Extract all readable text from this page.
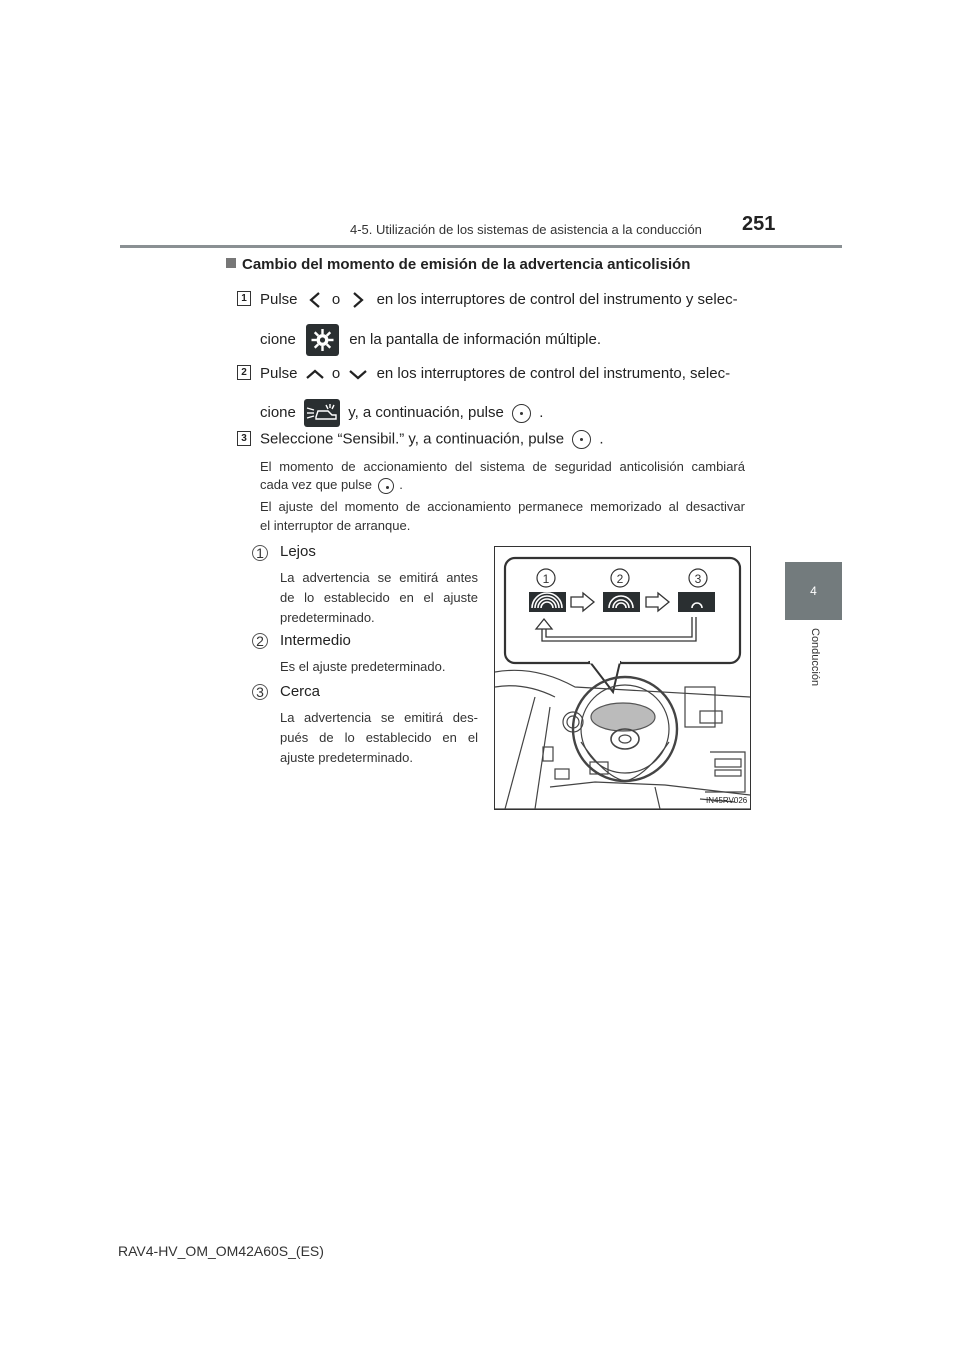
4-5. Utilización de los sistemas de asistencia a la conducción 251
4
Conducción
Cambio del momento de emisión de la advertencia anticolisión
1 Pulse o en los interruptores de control del instrumento y selec-
cione	en la pantalla de información múltiple.
2 Pulse o en los interruptores de control del instrumento, selec-
cione	y, a continuación, pulse .
3 Seleccione “Sensibil.” y, a continuación, pulse .
El momento de accionamiento del sistema de seguridad anticolisión cambiará
cada vez que pulse .
El ajuste del momento de accionamiento permanece memorizado al desactivar
el interruptor de arranque.
1 Lejos
La advertencia se emitirá antes
de lo establecido en el ajuste
predeterminado.
2 Intermedio
Es el ajuste predeterminado.
3 Cerca
La advertencia se emitirá des-
pués de lo establecido en el
ajuste predeterminado.
1	2	3
IN45RV026
RAV4-HV_OM_OM42A60S_(ES)
